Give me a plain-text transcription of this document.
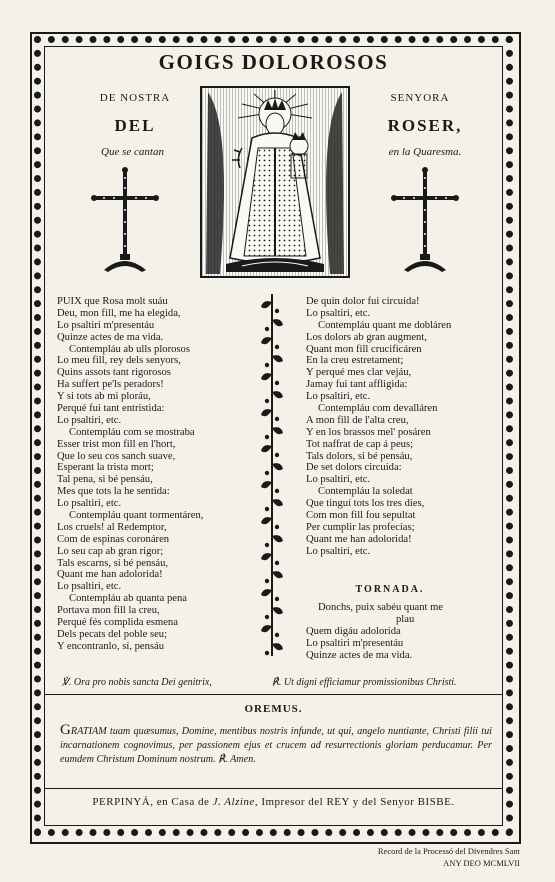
GOIGS DOLOROSOS
DE NOSTRA	SENYORA
DEL	ROSER,
Que se cantan	en la Quaresma.
PUIX que Rosa molt suáu
Deu, mon fill, me ha elegida,
Lo psaltiri m'presentáu
Quinze actes de ma vida.
Contempláu ab ulls plorosos
Lo meu fill, rey dels senyors,
Quins assots tant rigorosos
Ha suffert pe'ls peradors!
Y si tots ab mi ploráu,
Perqué fui tant entristida:
Lo psaltiri, etc.
Contempláu com se mostraba
Esser trist mon fill en l'hort,
Que lo seu cos sanch suave,
Esperant la trista mort;
Tal pena, si bé pensáu,
Mes que tots la he sentida:
Lo psaltiri, etc.
Contempláu quant tormentáren,
Los cruels! al Redemptor,
Com de espinas coronáren
Lo seu cap ab gran rigor;
Tals escarns, si bé pensáu,
Quant me han adolorida!
Lo psaltiri, etc.
Contempláu ab quanta pena
Portava mon fill la creu,
Perqué fés complida esmena
Dels pecats del poble seu;
Y encontranlo, sí, pensáu
De quin dolor fui circuida!
Lo psaltiri, etc.
Contempláu quant me dobláren
Los dolors ab gran augment,
Quant mon fill crucificáren
En la creu estretament;
Y perqué mes clar vejáu,
Jamay fui tant affligida:
Lo psaltiri, etc.
Contempláu com devalláren
A mon fill de l'alta creu,
Y en los brassos mel' posáren
Tot naffrat de cap á peus;
Tals dolors, si bé pensáu,
De set dolors circuida:
Lo psaltiri, etc.
Contempláu la soledat
Que tinguí tots los tres dies,
Com mon fill fou sepultat
Per cumplir las profecías;
Quant me han adolorida!
Lo psaltiri, etc.
TORNADA.
Donchs, puix sabéu quant me
plau
Quem digáu adolorida
Lo psaltiri m'presentáu
Quinze actes de ma vida.
℣. Ora pro nobis sancta Dei genitrix,	℟. Ut digni efficiamur promissionibus Christi.
OREMUS.
GRATIAM tuam quæsumus, Domine, mentibus nostris infunde, ut qui, angelo nuntiante, Christi filii tui incarnationem cognovimus, per passionem ejus et crucem ad resurrectionis gloriam perducamur. Per eumdem Christum Dominum nostrum. ℟. Amen.
PERPINYÁ, en Casa de J. Alzine, Impresor del REY y del Senyor BISBE.
Record de la Processó del Divendres Sant
ANY DEO MCMLVII
